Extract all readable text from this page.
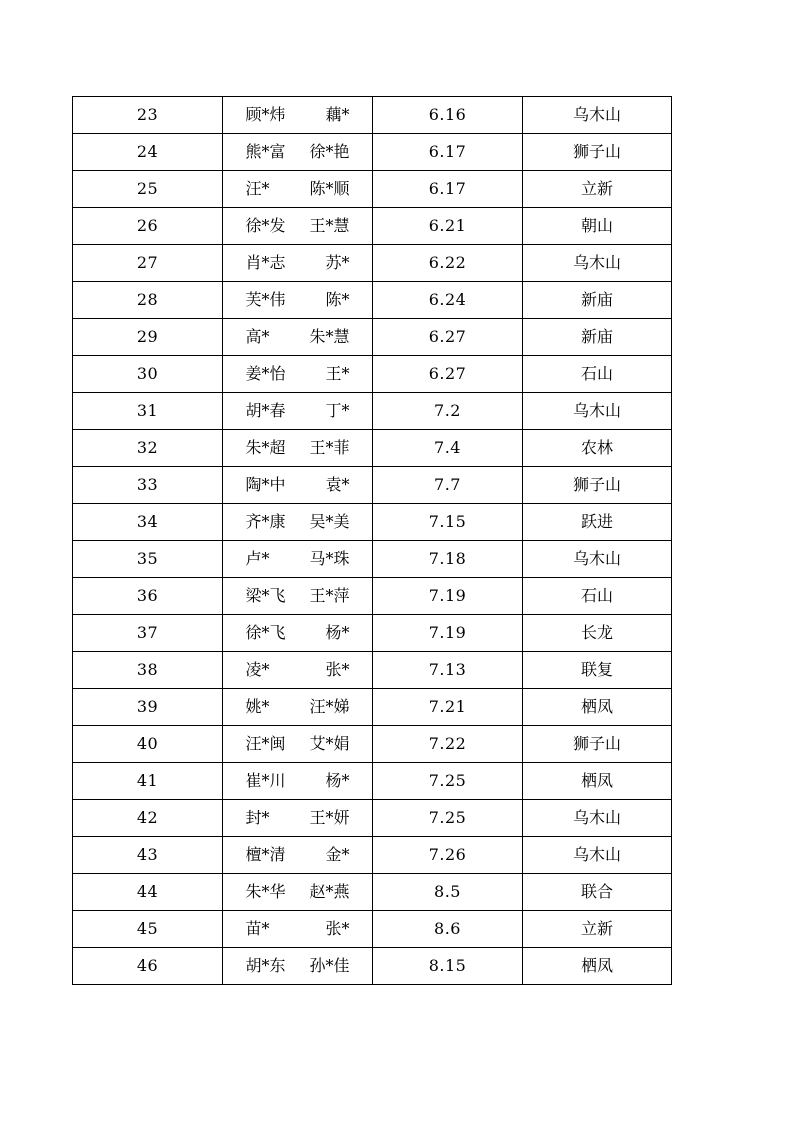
23	顾*炜 藕*	6.16	乌木山
24	熊*富 徐*艳	6.17	狮子山
25	汪* 陈*顺	6.17	立新
26	徐*发 王*慧	6.21	朝山
27	肖*志 苏*	6.22	乌木山
28	芙*伟 陈*	6.24	新庙
29	高* 朱*慧	6.27	新庙
30	姜*怡 王*	6.27	石山
31	胡*春 丁*	7.2	乌木山
32	朱*超 王*菲	7.4	农林
33	陶*中 袁*	7.7	狮子山
34	齐*康 吴*美	7.15	跃进
35	卢* 马*珠	7.18	乌木山
36	梁*飞 王*萍	7.19	石山
37	徐*飞 杨*	7.19	长龙
38	凌* 张*	7.13	联复
39	姚* 汪*娣	7.21	栖凤
40	汪*闽 艾*娟	7.22	狮子山
41	崔*川 杨*	7.25	栖凤
42	封* 王*妍	7.25	乌木山
43	檀*清 金*	7.26	乌木山
44	朱*华 赵*燕	8.5	联合
45	苗* 张*	8.6	立新
46	胡*东 孙*佳	8.15	栖凤
